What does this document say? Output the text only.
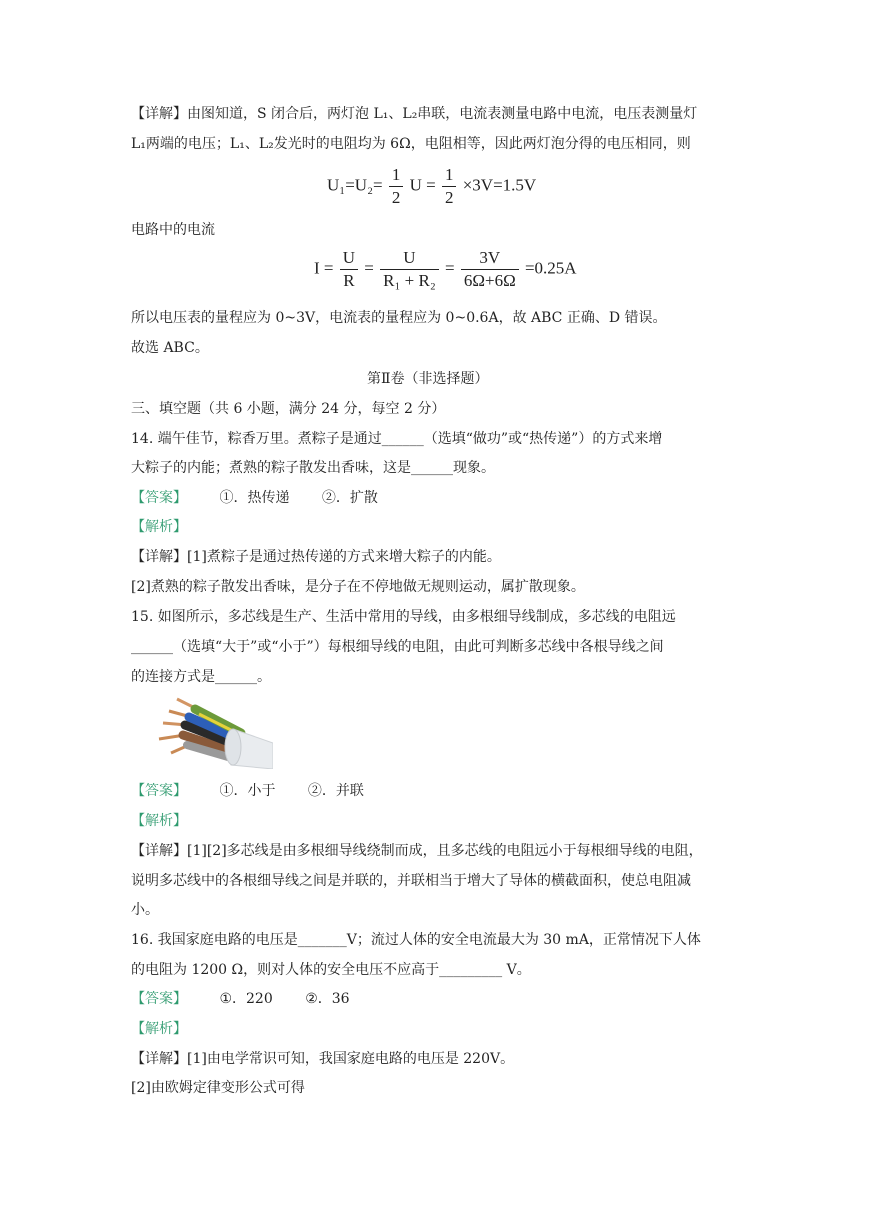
【详解】由图知道，S 闭合后，两灯泡 L₁、L₂串联，电流表测量电路中电流，电压表测量灯
L₁两端的电压；L₁、L₂发光时的电阻均为 6Ω，电阻相等，因此两灯泡分得的电压相同，则
$U_1=U_2= \frac{1}{2}$ $U = \frac{1}{2} \times 3V=1.5V$
电路中的电流
$I = \frac{U}{R} = \frac{U}{\text{R₁ + R₂}} = \frac{3V}{6\Omega+6\Omega} =0.25A$
所以电压表的量程应为 0~3V，电流表的量程应为 0~0.6A，故 ABC 正确、D 错误。
故选 ABC。
第Ⅱ卷（非选择题）
三、填空题（共 6 小题，满分 24 分，每空 2 分）
14. 端午佳节，粽香万里。煮粽子是通过______（选填“做功”或“热传递”）的方式来增
大粽子的内能；煮熟的粽子散发出香味，这是______现象。
【答案】 ①．热传递 ②．扩散
【解析】
【详解】[1]煮粽子是通过热传递的方式来增大粽子的内能。
[2]煮熟的粽子散发出香味，是分子在不停地做无规则运动，属扩散现象。
15. 如图所示，多芯线是生产、生活中常用的导线，由多根细导线制成，多芯线的电阻远
______（选填“大于”或“小于”）每根细导线的电阻，由此可判断多芯线中各根导线之间
的连接方式是______。
【答案】 ①．小于 ②．并联
【解析】
【详解】[1][2]多芯线是由多根细导线绕制而成，且多芯线的电阻远小于每根细导线的电阻，
说明多芯线中的各根细导线之间是并联的，并联相当于增大了导体的横截面积，使总电阻减
小。
16. 我国家庭电路的电压是_______V；流过人体的安全电流最大为 30 mA，正常情况下人体
的电阻为 1200 Ω，则对人体的安全电压不应高于_________ V。
【答案】 ①．220 ②．36
【解析】
【详解】[1]由电学常识可知，我国家庭电路的电压是 220V。
[2]由欧姆定律变形公式可得
